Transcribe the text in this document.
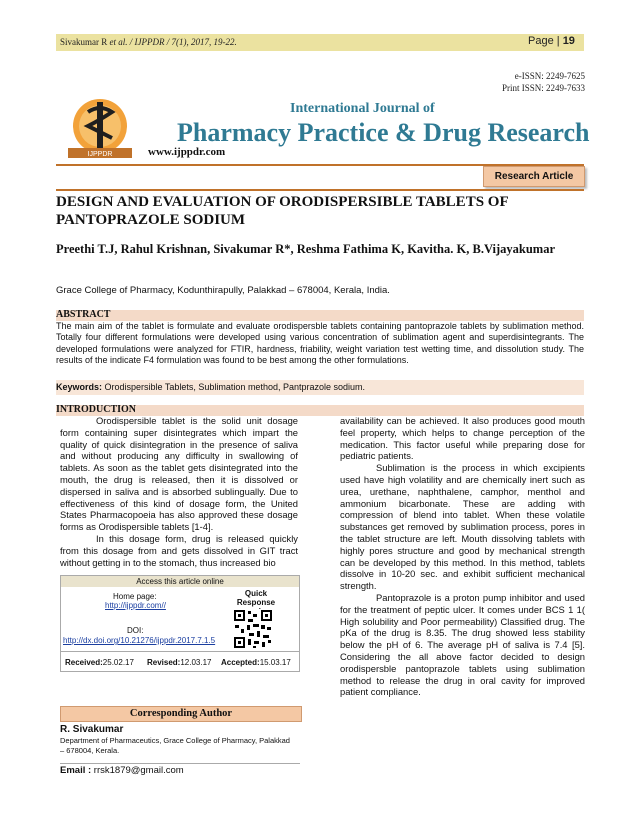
Sivakumar R et al. / IJPPDR / 7(1), 2017, 19-22.	Page | 19
e-ISSN: 2249-7625
Print ISSN: 2249-7633
IJPPDR
International Journal of
Pharmacy Practice & Drug Research
www.ijppdr.com
Research Article
DESIGN AND EVALUATION OF ORODISPERSIBLE TABLETS OF
PANTOPRAZOLE SODIUM
Preethi T.J, Rahul Krishnan, Sivakumar R*, Reshma Fathima K, Kavitha. K, B.Vijayakumar
Grace College of Pharmacy, Kodunthirapully, Palakkad – 678004, Kerala, India.
ABSTRACT
The main aim of the tablet is formulate and evaluate orodispersble tablets containing pantoprazole tablets by sublimation method. Totally four different formulations were developed using various concentration of sublimation agent and superdisintegrants. The developed formulations were analyzed for FTIR, hardness, friability, weight variation test wetting time, and dissolution study. The results of the indicate F4 formulation was found to be best among the other formulations.
Keywords: Orodispersible Tablets, Sublimation method, Pantprazole sodium.
INTRODUCTION

Orodispersible tablet is the solid unit dosage form containing super disintegrates which impart the quality of quick disintegration in the presence of saliva and without producing any difficulty in swallowing of tablets. As soon as the tablet gets disintegrated into the mouth, the drug is released, then it is dissolved or dispersed in saliva and is absorbed sublingually. Due to effectiveness of this kind of dosage form, the United States Pharmacopoeia has also approved these dosage forms as Orodispersible tablets [1-4].

In this dosage form, drug is released quickly from this dosage from and gets dissolved in GIT tract without getting in to the stomach, thus increased bio

availability can be achieved. It also produces good mouth feel property, which helps to change perception of the medication. This factor useful while preparing dose for pediatric patients.

Sublimation is the process in which excipients used have high volatility and are chemically inert such as urea, urethane, naphthalene, camphor, menthol and ammonium bicarbonate. These are adding with compression of blend into tablet. When these volatile substances get removed by sublimation process, pores in the tablet structure are left. Mouth dissolving tablets with highly pores structure and good by mechanical strength can be developed by this method. In this method, tablets dissolve in 10-20 sec. and exhibit sufficient mechanical strength.

Pantoprazole is a proton pump inhibitor and used for the treatment of peptic ulcer. It comes under BCS 1 1( High solubility and Poor permeability) Classified drug. The pKa of the drug is 8.35. The drug showed less stability below the pH of 6. The average pH of saliva is 7.4 [5]. Considering the all above factor decided to design orodispersble pantoprazole tablets using sublimation method to release the drug in oral cavity for improved patient compliance.

Access this article online
Home page:
http://ijppdr.com//
Quick Response
DOI:
http://dx.doi.org/10.21276/ijppdr.2017.7.1.5
Received:25.02.17 Revised:12.03.17 Accepted:15.03.17
Corresponding Author
R. Sivakumar
Department of Pharmaceutics, Grace College of Pharmacy, Palakkad – 678004, Kerala.
Email : rrsk1879@gmail.com
